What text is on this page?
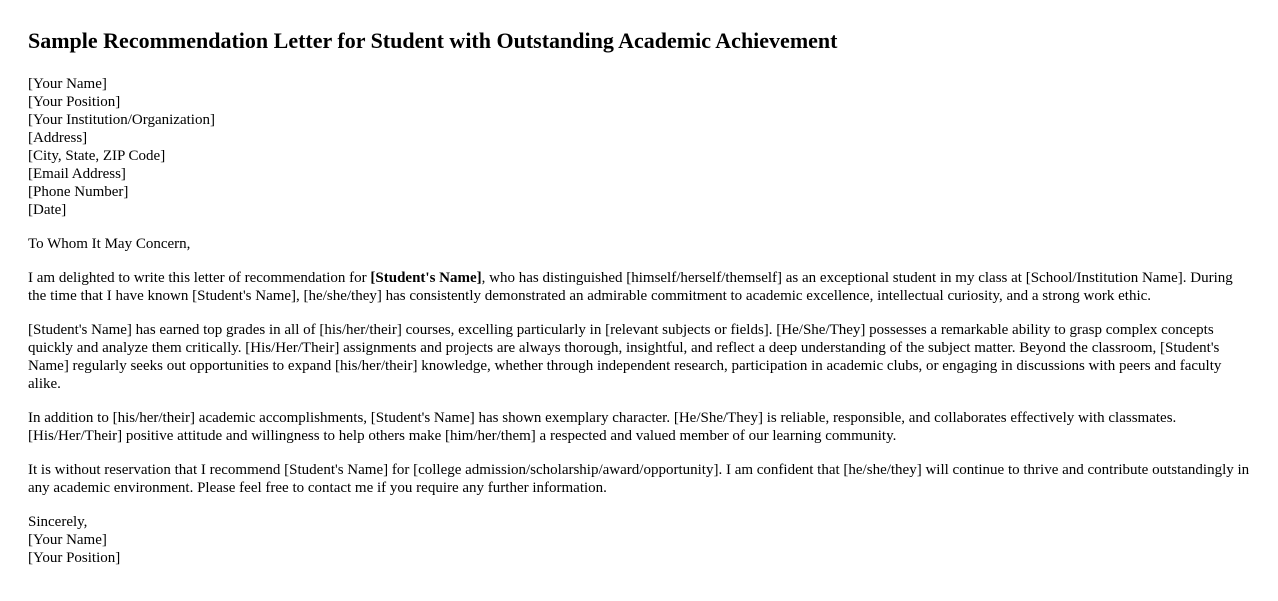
Sample Recommendation Letter for Student with Outstanding Academic Achievement
[Your Name]
[Your Position]
[Your Institution/Organization]
[Address]
[City, State, ZIP Code]
[Email Address]
[Phone Number]
[Date]

To Whom It May Concern,

I am delighted to write this letter of recommendation for [Student's Name], who has distinguished [himself/herself/themself] as an exceptional student in my class at [School/Institution Name]. During the time that I have known [Student's Name], [he/she/they] has consistently demonstrated an admirable commitment to academic excellence, intellectual curiosity, and a strong work ethic.

[Student's Name] has earned top grades in all of [his/her/their] courses, excelling particularly in [relevant subjects or fields]. [He/She/They] possesses a remarkable ability to grasp complex concepts quickly and analyze them critically. [His/Her/Their] assignments and projects are always thorough, insightful, and reflect a deep understanding of the subject matter. Beyond the classroom, [Student's Name] regularly seeks out opportunities to expand [his/her/their] knowledge, whether through independent research, participation in academic clubs, or engaging in discussions with peers and faculty alike.

In addition to [his/her/their] academic accomplishments, [Student's Name] has shown exemplary character. [He/She/They] is reliable, responsible, and collaborates effectively with classmates. [His/Her/Their] positive attitude and willingness to help others make [him/her/them] a respected and valued member of our learning community.

It is without reservation that I recommend [Student's Name] for [college admission/scholarship/award/opportunity]. I am confident that [he/she/they] will continue to thrive and contribute outstandingly in any academic environment. Please feel free to contact me if you require any further information.

Sincerely,
[Your Name]
[Your Position]
